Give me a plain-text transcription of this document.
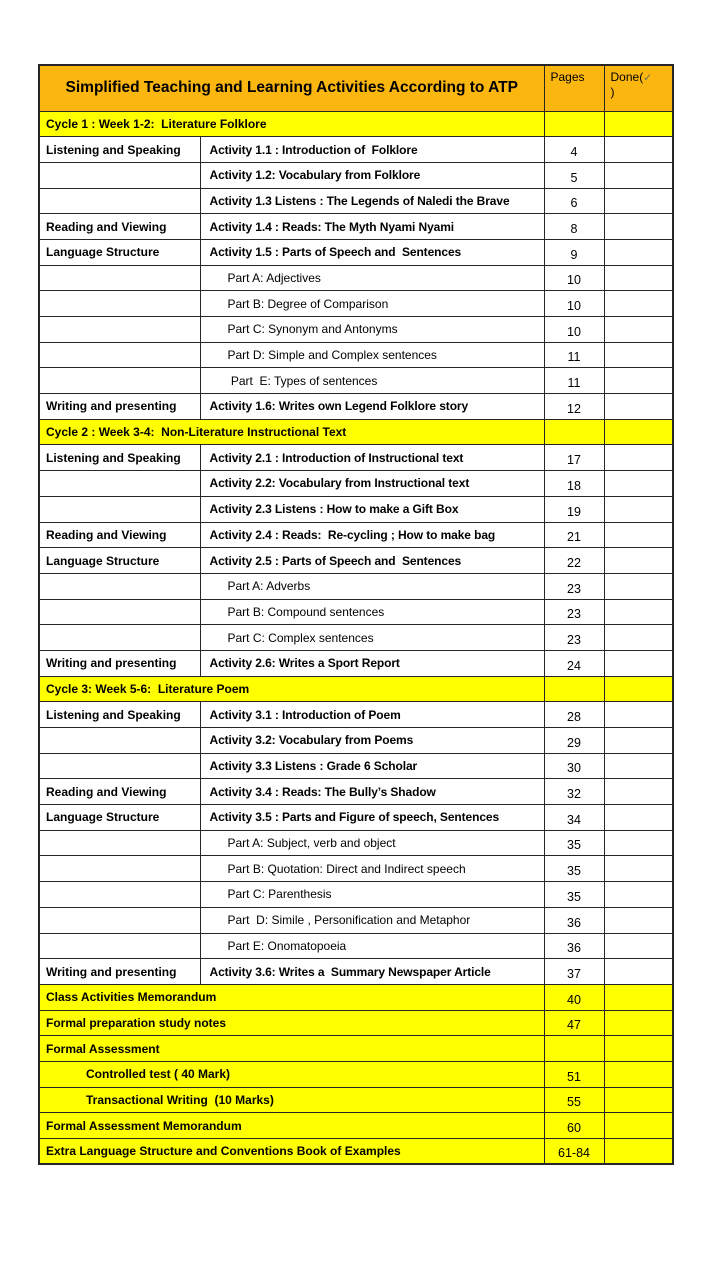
Simplified Teaching and Learning Activities According to ATP		Pages	Done(✓
)
Cycle 1 : Week 1-2:  Literature Folklore			
Listening and Speaking	Activity 1.1 : Introduction of  Folklore	4	
	Activity 1.2: Vocabulary from Folklore	5	
	Activity 1.3 Listens : The Legends of Naledi the Brave	6	
Reading and Viewing	Activity 1.4 : Reads: The Myth Nyami Nyami	8	
Language Structure	Activity 1.5 : Parts of Speech and  Sentences	9	
	Part A: Adjectives	10	
	Part B: Degree of Comparison	10	
	Part C: Synonym and Antonyms	10	
	Part D: Simple and Complex sentences	11	
	Part  E: Types of sentences	11	
Writing and presenting	Activity 1.6: Writes own Legend Folklore story	12	
Cycle 2 : Week 3-4:  Non-Literature Instructional Text			
Listening and Speaking	Activity 2.1 : Introduction of Instructional text	17	
	Activity 2.2: Vocabulary from Instructional text	18	
	Activity 2.3 Listens : How to make a Gift Box	19	
Reading and Viewing	Activity 2.4 : Reads:  Re-cycling ; How to make bag	21	
Language Structure	Activity 2.5 : Parts of Speech and  Sentences	22	
	Part A: Adverbs	23	
	Part B: Compound sentences	23	
	Part C: Complex sentences	23	
Writing and presenting	Activity 2.6: Writes a Sport Report	24	
Cycle 3: Week 5-6:  Literature Poem			
Listening and Speaking	Activity 3.1 : Introduction of Poem	28	
	Activity 3.2: Vocabulary from Poems	29	
	Activity 3.3 Listens : Grade 6 Scholar	30	
Reading and Viewing	Activity 3.4 : Reads: The Bully’s Shadow	32	
Language Structure	Activity 3.5 : Parts and Figure of speech, Sentences	34	
	Part A: Subject, verb and object	35	
	Part B: Quotation: Direct and Indirect speech	35	
	Part C: Parenthesis	35	
	Part  D: Simile , Personification and Metaphor	36	
	Part E: Onomatopoeia	36	
Writing and presenting	Activity 3.6: Writes a  Summary Newspaper Article	37	
Class Activities Memorandum		40	
Formal preparation study notes		47	
Formal Assessment			
Controlled test ( 40 Mark)		51	
Transactional Writing  (10 Marks)		55	
Formal Assessment Memorandum		60	
Extra Language Structure and Conventions Book of Examples		61-84	
